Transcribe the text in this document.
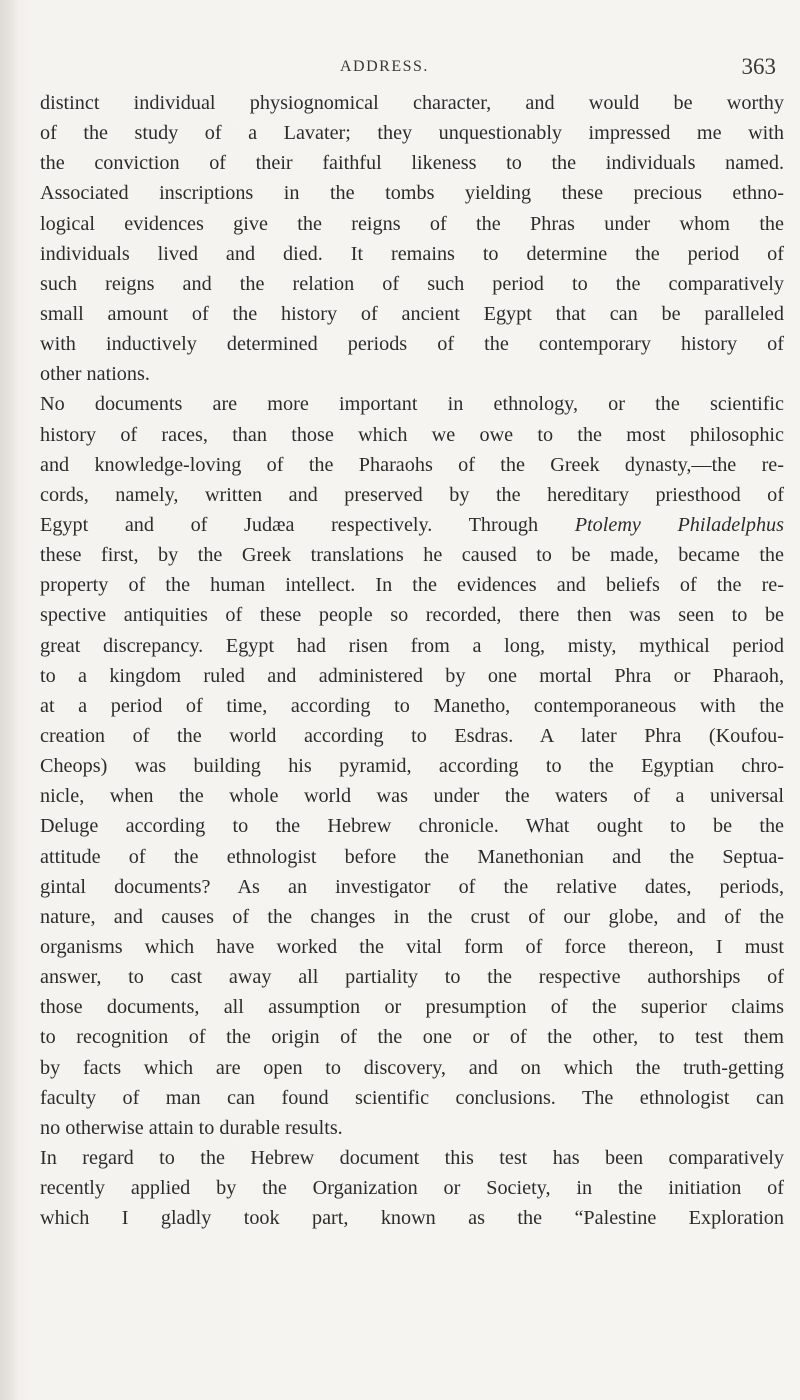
ADDRESS.	363
distinct individual physiognomical character, and would be worthy
of the study of a Lavater; they unquestionably impressed me with
the conviction of their faithful likeness to the individuals named.
Associated inscriptions in the tombs yielding these precious ethno-
logical evidences give the reigns of the Phras under whom the
individuals lived and died. It remains to determine the period of
such reigns and the relation of such period to the comparatively
small amount of the history of ancient Egypt that can be paralleled
with inductively determined periods of the contemporary history of
other nations.
No documents are more important in ethnology, or the scientific
history of races, than those which we owe to the most philosophic
and knowledge-loving of the Pharaohs of the Greek dynasty,—the re-
cords, namely, written and preserved by the hereditary priesthood of
Egypt and of Judæa respectively. Through Ptolemy Philadelphus
these first, by the Greek translations he caused to be made, became the
property of the human intellect. In the evidences and beliefs of the re-
spective antiquities of these people so recorded, there then was seen to be
great discrepancy. Egypt had risen from a long, misty, mythical period
to a kingdom ruled and administered by one mortal Phra or Pharaoh,
at a period of time, according to Manetho, contemporaneous with the
creation of the world according to Esdras. A later Phra (Koufou-
Cheops) was building his pyramid, according to the Egyptian chro-
nicle, when the whole world was under the waters of a universal
Deluge according to the Hebrew chronicle. What ought to be the
attitude of the ethnologist before the Manethonian and the Septua-
gintal documents? As an investigator of the relative dates, periods,
nature, and causes of the changes in the crust of our globe, and of the
organisms which have worked the vital form of force thereon, I must
answer, to cast away all partiality to the respective authorships of
those documents, all assumption or presumption of the superior claims
to recognition of the origin of the one or of the other, to test them
by facts which are open to discovery, and on which the truth-getting
faculty of man can found scientific conclusions. The ethnologist can
no otherwise attain to durable results.
In regard to the Hebrew document this test has been comparatively
recently applied by the Organization or Society, in the initiation of
which I gladly took part, known as the “Palestine Exploration
